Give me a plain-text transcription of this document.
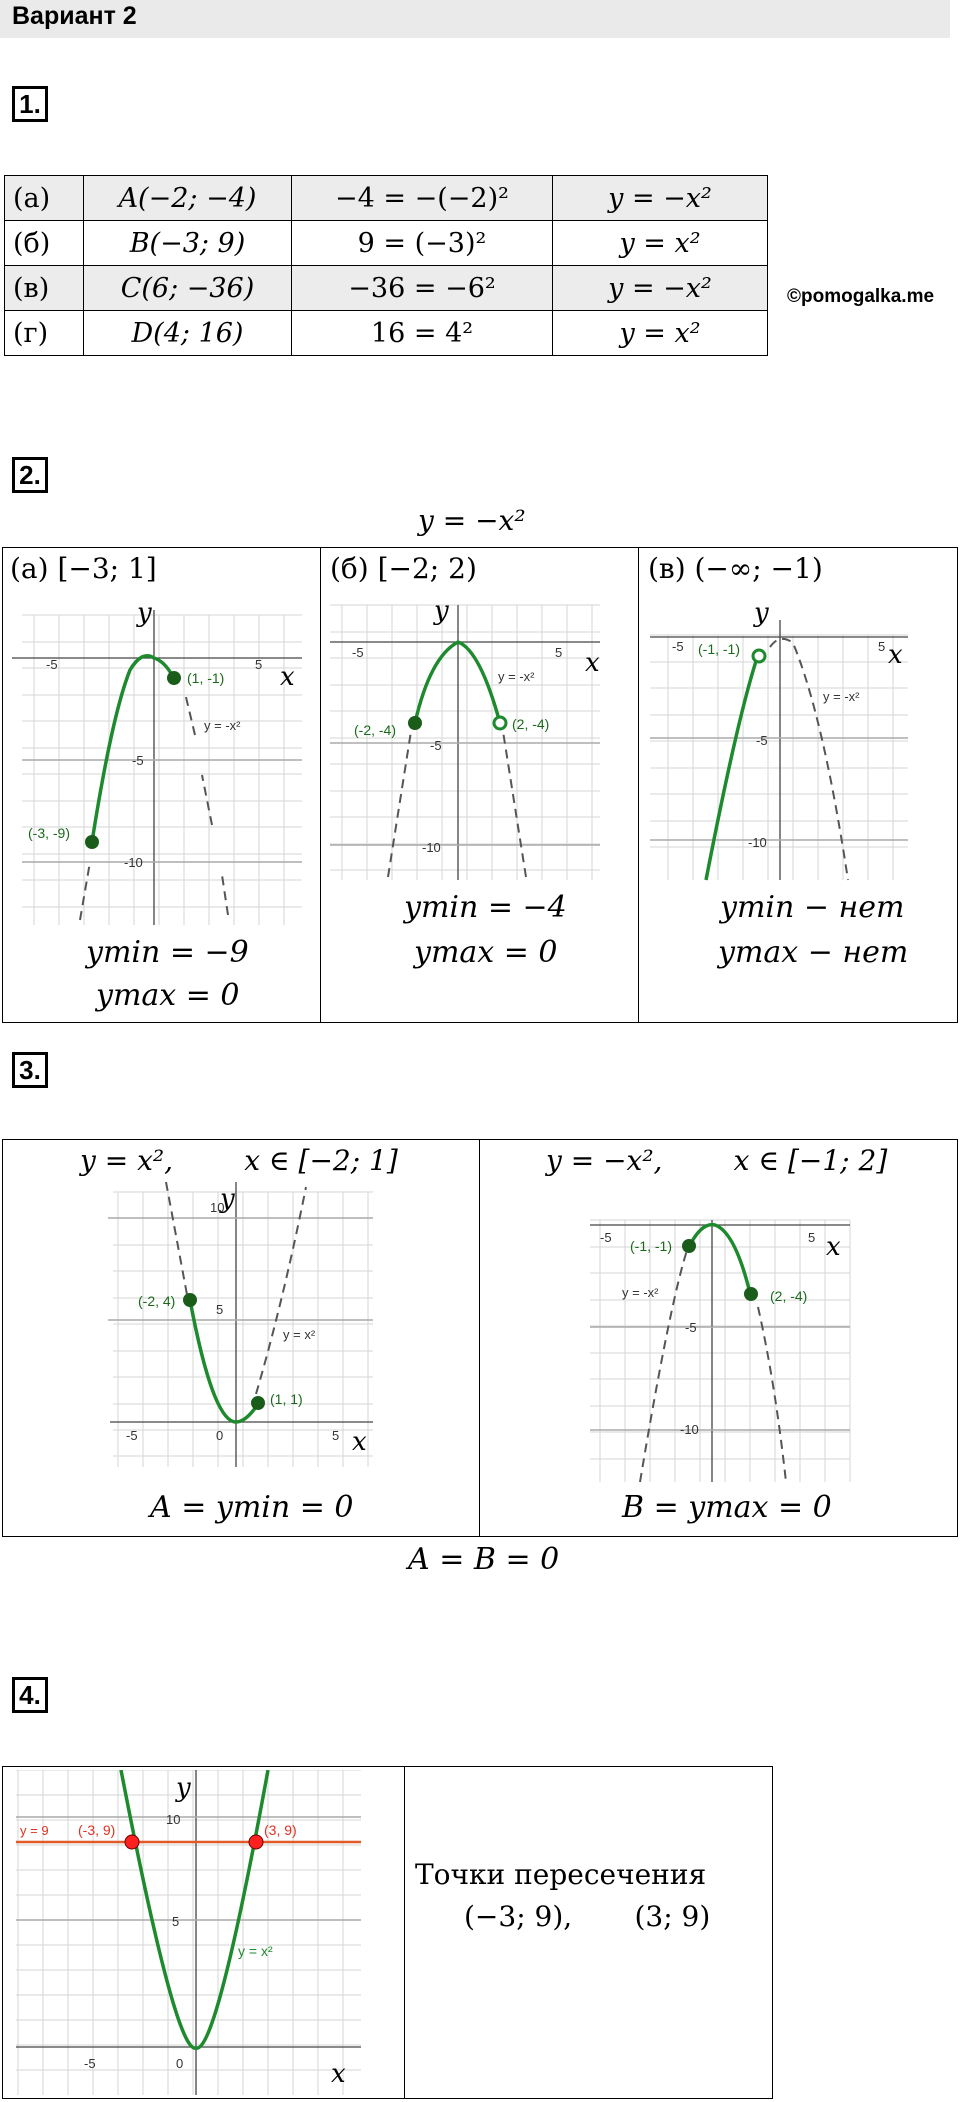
Вариант 2
1.
(а)	A(−2; −4)	−4 = −(−2)²	y = −x²
(б)	B(−3; 9)	9 = (−3)²	y = x²
(в)	C(6; −36)	−36 = −6²	y = −x²
(г)	D(4; 16)	16 = 4²	y = x²
©pomogalka.me
2.
y = −x²
(а) [−3; 1]	(б) [−2; 2)	(в) (−∞; −1)
y
x
-5	5
-5
-10
(1, -1)
(-3, -9)
y = -x²
ymin = −9
ymax = 0
y
x
-5	5
-5
-10
(-2, -4)	(2, -4)
y = -x²
ymin = −4
ymax = 0
y
x
-5	5
-5
-10
(-1, -1)
y = -x²
ymin − нет
ymax − нет
3.
y = x²,        x ∈ [−2; 1]	y = −x²,        x ∈ [−1; 2]
y
x
-5	0	5
5
10
(-2, 4)
(1, 1)
y = x²
A = ymin = 0
x
-5	5
-5
-10
(-1, -1)
(2, -4)
y = -x²
B = ymax = 0
A = B = 0
4.
y
x
-5	0
5
10
y = 9 (-3, 9)	(3, 9)
y = x²
Точки пересечения
(−3; 9),       (3; 9)
